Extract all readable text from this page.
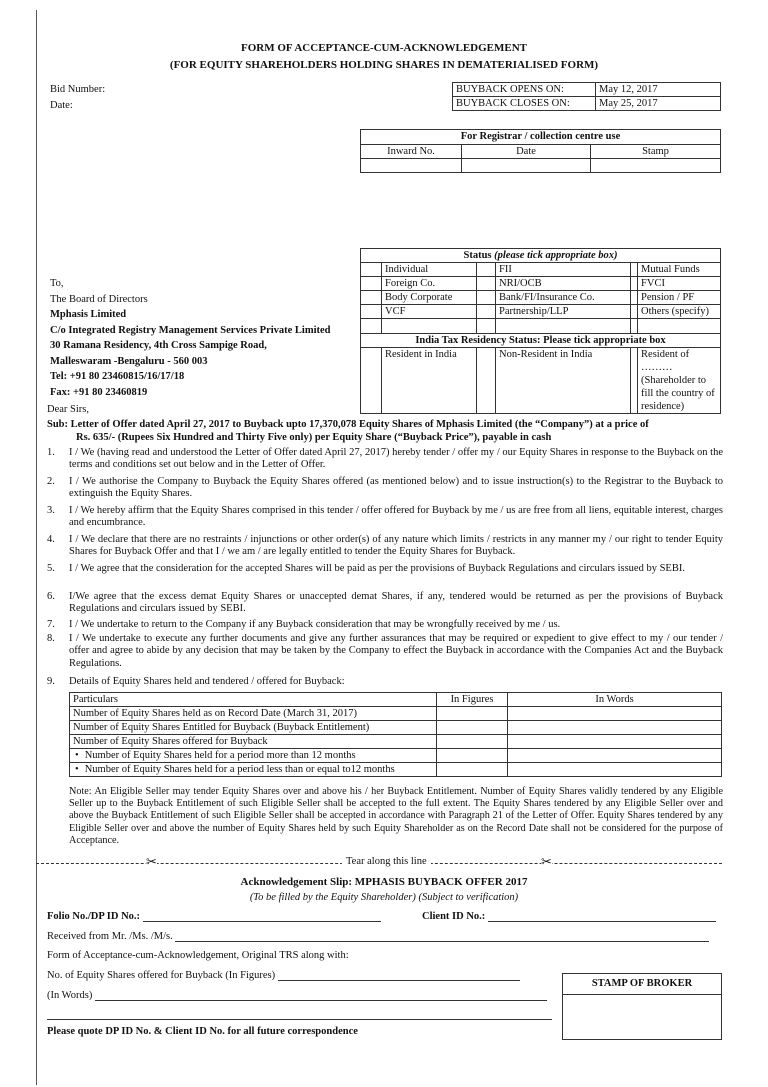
FORM OF ACCEPTANCE-CUM-ACKNOWLEDGEMENT
(FOR EQUITY SHAREHOLDERS HOLDING SHARES IN DEMATERIALISED FORM)
Bid Number:
Date:
BUYBACK OPENS ON:	May 12, 2017
BUYBACK CLOSES ON:	May 25, 2017
For Registrar / collection centre use		
Inward No.	Date	Stamp

Status (please tick appropriate box)					
	Individual		FII		Mutual Funds
	Foreign Co.		NRI/OCB		FVCI
	Body Corporate		Bank/FI/Insurance Co.		Pension / PF
	VCF		Partnership/LLP		Others (specify)

India Tax Residency Status: Please tick appropriate box				
	Resident in India		Non-Resident in India		Resident of ……… (Shareholder to fill the country of residence)
To,
The Board of Directors
Mphasis Limited
C/o Integrated Registry Management Services Private Limited
30 Ramana Residency, 4th Cross Sampige Road,
Malleswaram -Bengaluru - 560 003
Tel: +91 80 23460815/16/17/18
Fax: +91 80 23460819
Dear Sirs,
Sub: Letter of Offer dated April 27, 2017 to Buyback upto 17,370,078 Equity Shares of Mphasis Limited (the “Company”) at a price of
Rs. 635/- (Rupees Six Hundred and Thirty Five only) per Equity Share (“Buyback Price”), payable in cash
1. I / We (having read and understood the Letter of Offer dated April 27, 2017) hereby tender / offer my / our Equity Shares in response to the Buyback on the terms and conditions set out below and in the Letter of Offer.
2. I / We authorise the Company to Buyback the Equity Shares offered (as mentioned below) and to issue instruction(s) to the Registrar to the Buyback to extinguish the Equity Shares.
3. I / We hereby affirm that the Equity Shares comprised in this tender / offer offered for Buyback by me / us are free from all liens, equitable interest, charges and encumbrance.
4. I / We declare that there are no restraints / injunctions or other order(s) of any nature which limits / restricts in any manner my / our right to tender Equity Shares for Buyback Offer and that I / we am / are legally entitled to tender the Equity Shares for Buyback.
5. I / We agree that the consideration for the accepted Shares will be paid as per the provisions of Buyback Regulations and circulars issued by SEBI.
6. I/We agree that the excess demat Equity Shares or unaccepted demat Shares, if any, tendered would be returned as per the provisions of Buyback Regulations and circulars issued by SEBI.
7. I / We undertake to return to the Company if any Buyback consideration that may be wrongfully received by me / us.
8. I / We undertake to execute any further documents and give any further assurances that may be required or expedient to give effect to my / our tender / offer and agree to abide by any decision that may be taken by the Company to effect the Buyback in accordance with the Companies Act and the Buyback Regulations.
9. Details of Equity Shares held and tendered / offered for Buyback:
Particulars	In Figures	In Words
Number of Equity Shares held as on Record Date (March 31, 2017)		
Number of Equity Shares Entitled for Buyback (Buyback Entitlement)		
Number of Equity Shares offered for Buyback		
• Number of Equity Shares held for a period more than 12 months		
• Number of Equity Shares held for a period less than or equal to12 months		
Note: An Eligible Seller may tender Equity Shares over and above his / her Buyback Entitlement. Number of Equity Shares validly tendered by any Eligible Seller up to the Buyback Entitlement of such Eligible Seller shall be accepted to the full extent. The Equity Shares tendered by any Eligible Seller over and above the Buyback Entitlement of such Eligible Seller shall be accepted in accordance with Paragraph 21 of the Letter of Offer. Equity Shares tendered by any Eligible Seller over and above the number of Equity Shares held by such Equity Shareholder as on the Record Date shall not be considered for the purpose of Acceptance.
✂	Tear along this line	✂
Acknowledgement Slip: MPHASIS BUYBACK OFFER 2017
(To be filled by the Equity Shareholder) (Subject to verification)
Folio No./DP ID No.:	Client ID No.:
Received from Mr. /Ms. /M/s.
Form of Acceptance-cum-Acknowledgement, Original TRS along with:
No. of Equity Shares offered for Buyback (In Figures)
(In Words)
Please quote DP ID No. & Client ID No. for all future correspondence
STAMP OF BROKER
